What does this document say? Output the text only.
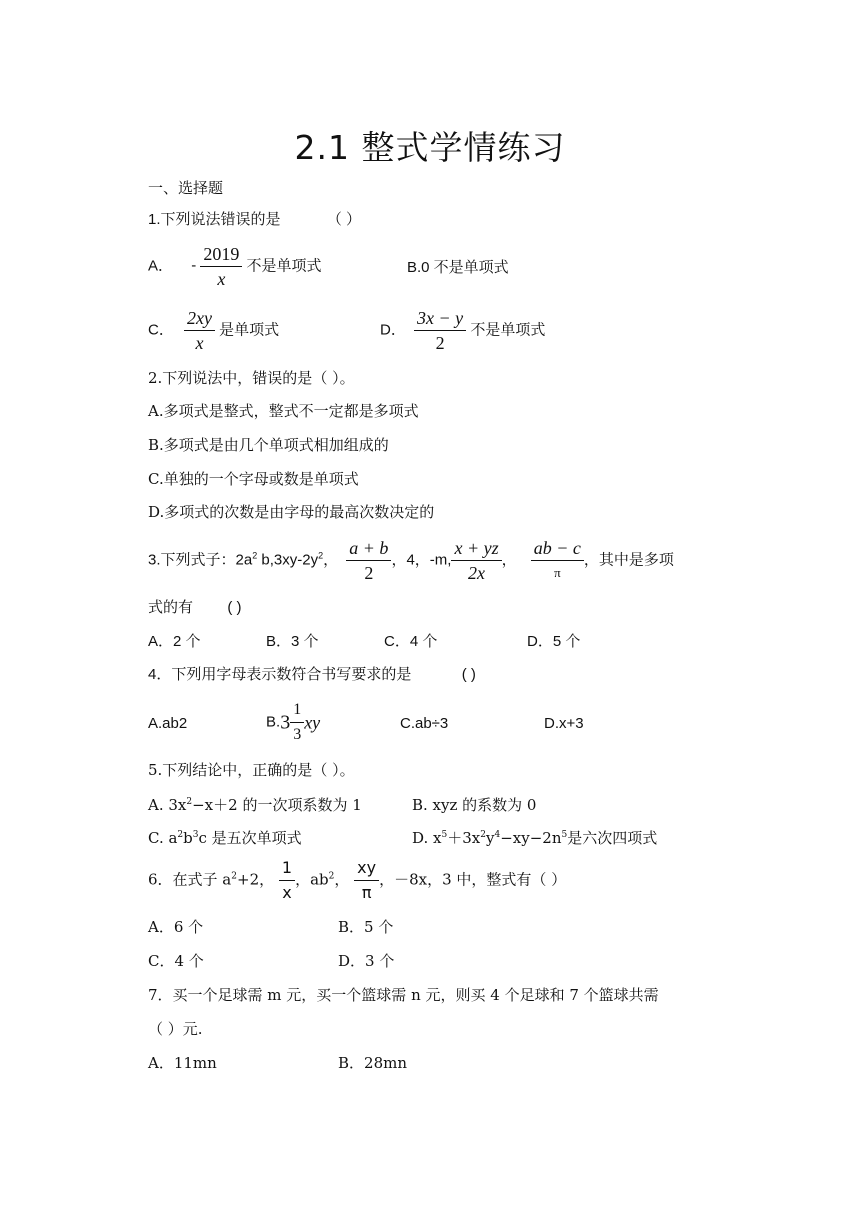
2.1 整式学情练习
一、选择题
1.下列说法错误的是	（ ）
A． - $\frac{2019}{x}$ 不是单项式	B.0 不是单项式
C． $\frac{2xy}{x}$ 是单项式	D． $\frac{3x - y}{2}$ 不是单项式
2.下列说法中，错误的是（ ）。
A.多项式是整式，整式不一定都是多项式
B.多项式是由几个单项式相加组成的
C.单独的一个字母或数是单项式
D.多项式的次数是由字母的最高次数决定的
3.下列式子：$2a^2$ $b,3xy-2y^2$， $\frac{a + b}{2}$ ，4，-m, $\frac{x + yz}{2x}$ ， $\frac{ab - c}{\pi}$ ，其中是多项
式的有 ( )
A．2 个	B．3 个	C．4 个	D．5 个
4．下列用字母表示数符合书写要求的是	( )
A.ab2	$B.3 \frac{1}{3}$ xy	C.ab÷3	D.x+3
5.下列结论中，正确的是（ ）。
A. $3x^2-x+2$ 的一次项系数为 1	B. xyz 的系数为 0
C. $a^2b^3c$ 是五次单项式	D. $x^5+3x^2y^4-xy-2n^5$是六次四项式
6．在式子 $a^2+2$， $\frac{1}{x}$ ，$ab^2$， $\frac{xy}{\pi}$ ，－8x，3 中，整式有（ ）
A．6 个	B．5 个
C．4 个	D．3 个
7．买一个足球需 m 元，买一个篮球需 n 元，则买 4 个足球和 7 个篮球共需
（ ）元.
A．11mn	B．28mn
